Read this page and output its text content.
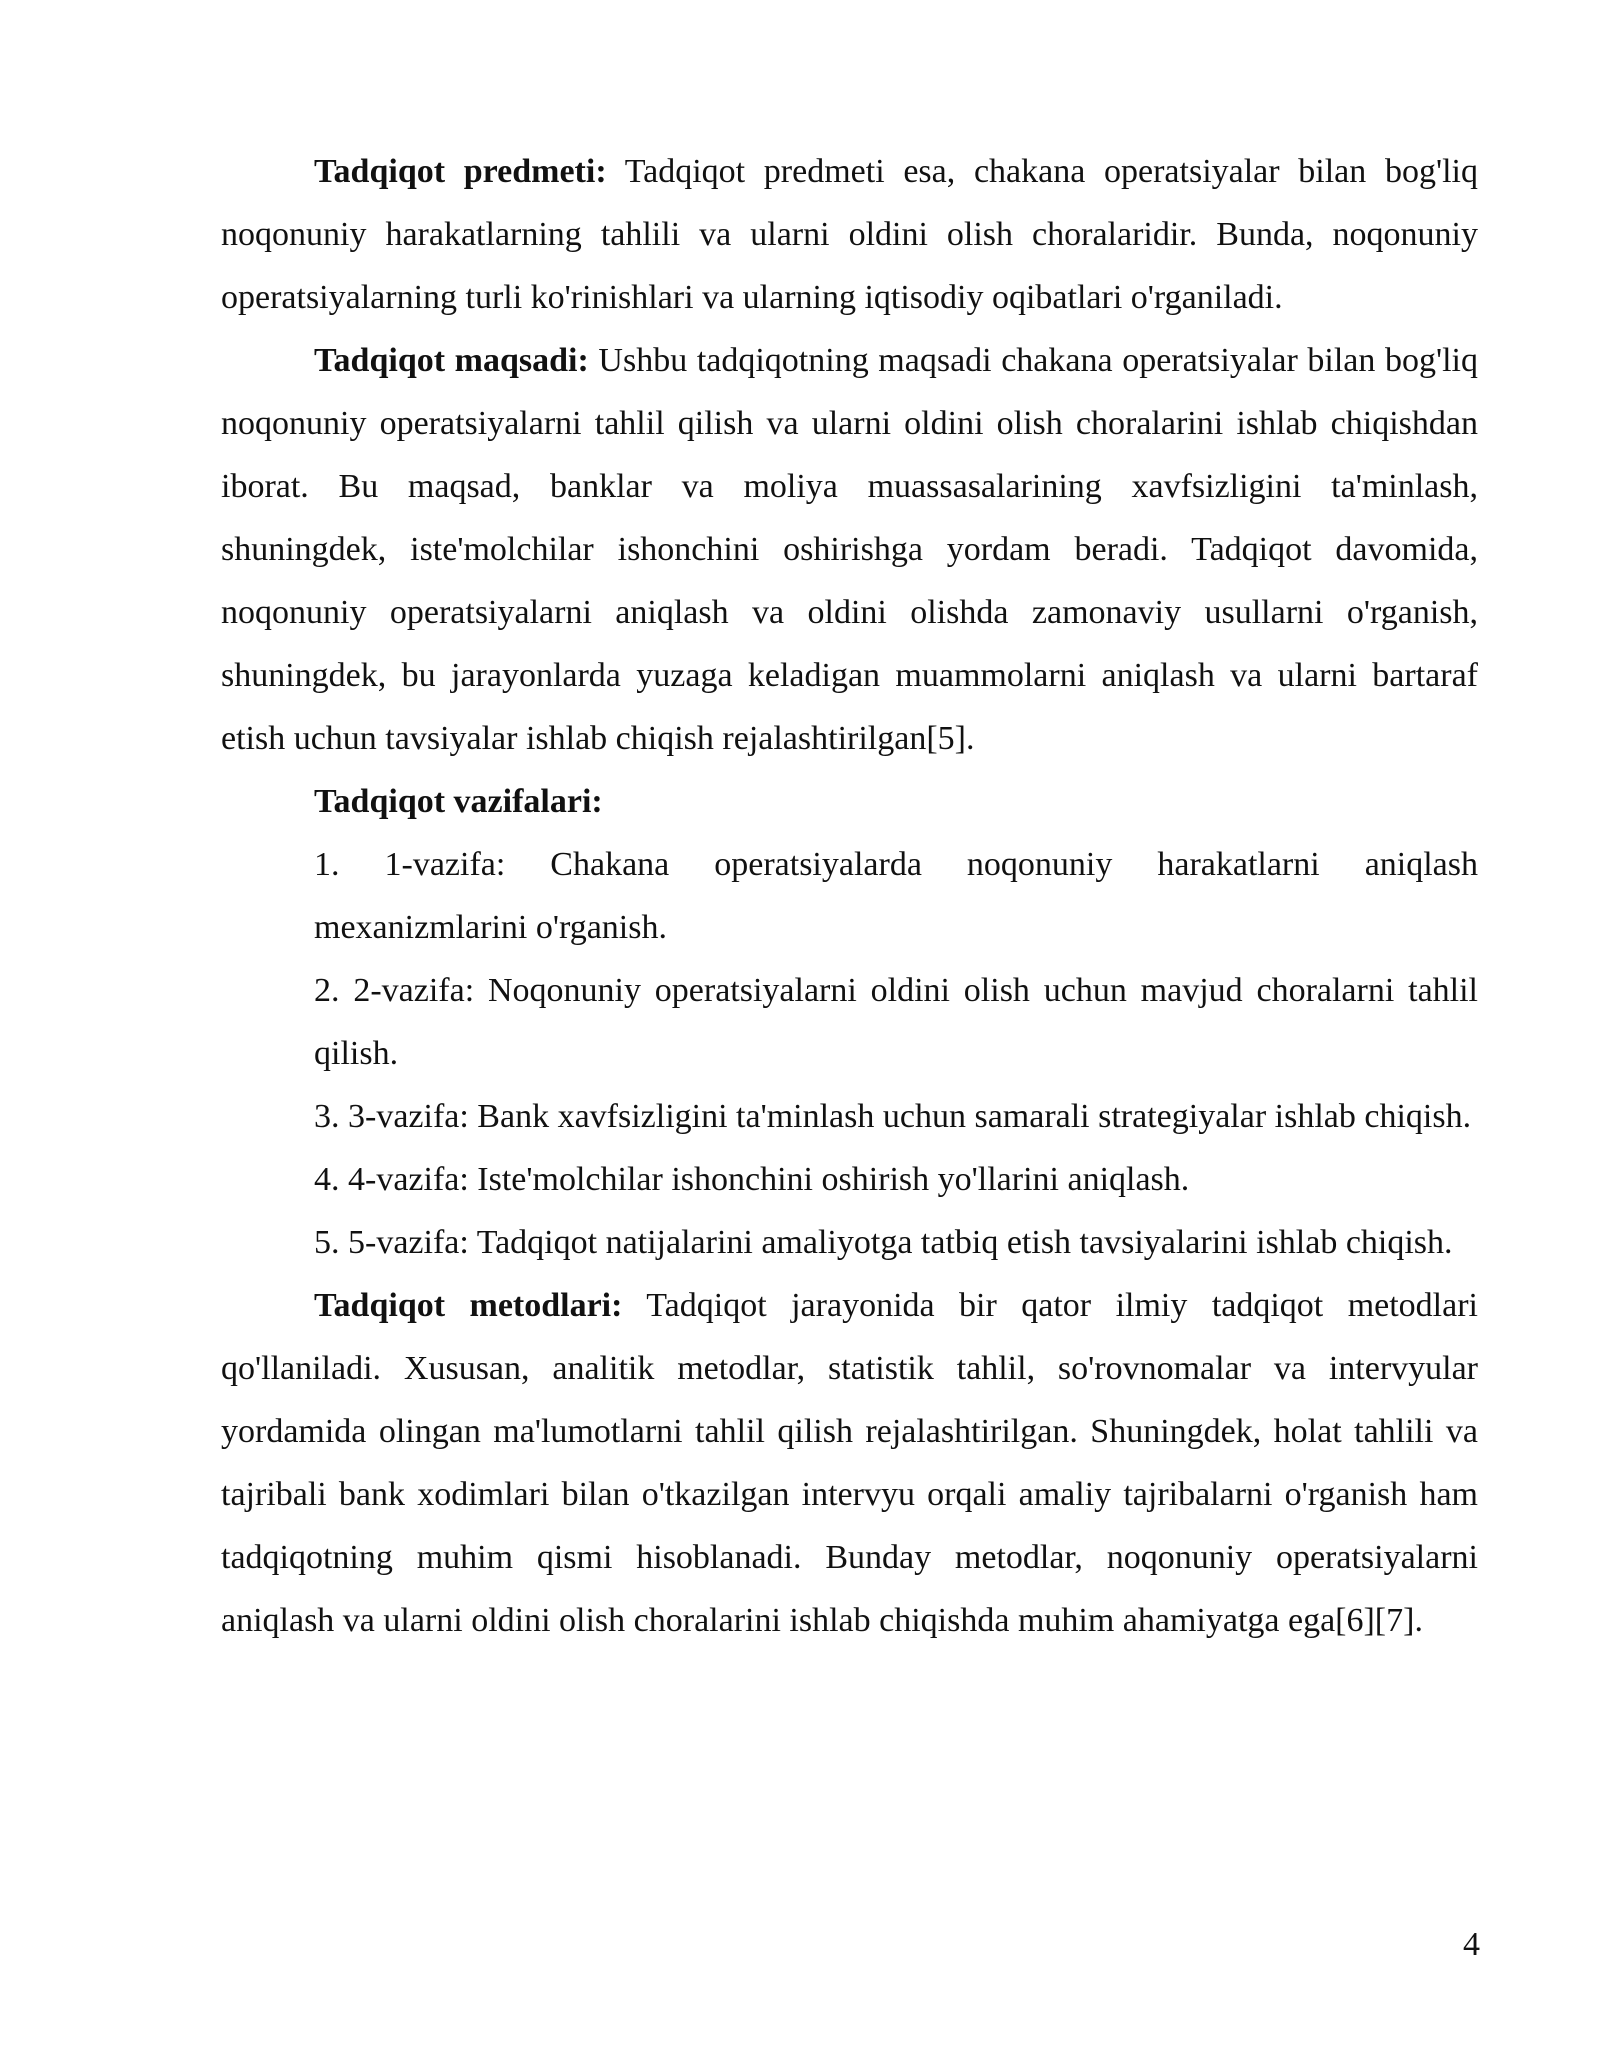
Tadqiqot predmeti: Tadqiqot predmeti esa, chakana operatsiyalar bilan bog'liq noqonuniy harakatlarning tahlili va ularni oldini olish choralaridir. Bunda, noqonuniy operatsiyalarning turli ko'rinishlari va ularning iqtisodiy oqibatlari o'rganiladi.

Tadqiqot maqsadi: Ushbu tadqiqotning maqsadi chakana operatsiyalar bilan bog'liq noqonuniy operatsiyalarni tahlil qilish va ularni oldini olish choralarini ishlab chiqishdan iborat. Bu maqsad, banklar va moliya muassasalarining xavfsizligini ta'minlash, shuningdek, iste'molchilar ishonchini oshirishga yordam beradi. Tadqiqot davomida, noqonuniy operatsiyalarni aniqlash va oldini olishda zamonaviy usullarni o'rganish, shuningdek, bu jarayonlarda yuzaga keladigan muammolarni aniqlash va ularni bartaraf etish uchun tavsiyalar ishlab chiqish rejalashtirilgan[5].

Tadqiqot vazifalari:

1. 1-vazifa: Chakana operatsiyalarda noqonuniy harakatlarni aniqlash mexanizmlarini o'rganish.

2. 2-vazifa: Noqonuniy operatsiyalarni oldini olish uchun mavjud choralarni tahlil qilish.

3. 3-vazifa: Bank xavfsizligini ta'minlash uchun samarali strategiyalar ishlab chiqish.

4. 4-vazifa: Iste'molchilar ishonchini oshirish yo'llarini aniqlash.

5. 5-vazifa: Tadqiqot natijalarini amaliyotga tatbiq etish tavsiyalarini ishlab chiqish.

Tadqiqot metodlari: Tadqiqot jarayonida bir qator ilmiy tadqiqot metodlari qo'llaniladi. Xususan, analitik metodlar, statistik tahlil, so'rovnomalar va intervyular yordamida olingan ma'lumotlarni tahlil qilish rejalashtirilgan. Shuningdek, holat tahlili va tajribali bank xodimlari bilan o'tkazilgan intervyu orqali amaliy tajribalarni o'rganish ham tadqiqotning muhim qismi hisoblanadi. Bunday metodlar, noqonuniy operatsiyalarni aniqlash va ularni oldini olish choralarini ishlab chiqishda muhim ahamiyatga ega[6][7].

4
